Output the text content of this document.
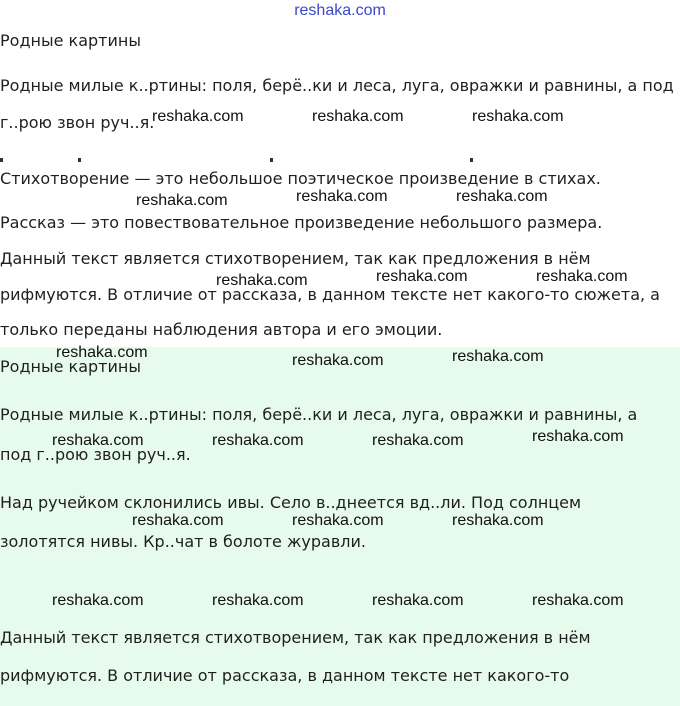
reshaka.com

Родные картины

Родные милые к..ртины: поля, берё..ки и леса, луга, овражки и равнины, а под

г..рою звон руч..я.

Стихотворение — это небольшое поэтическое произведение в стихах.

Рассказ — это повествовательное произведение небольшого размера.

Данный текст является стихотворением, так как предложения в нём

рифмуются. В отличие от рассказа, в данном тексте нет какого-то сюжета, а

только переданы наблюдения автора и его эмоции.

Родные картины

Родные милые к..ртины: поля, берё..ки и леса, луга, овражки и равнины, а

под г..рою звон руч..я.

Над ручейком склонились ивы. Село в..днеется вд..ли. Под солнцем

золотятся нивы. Кр..чат в болоте журавли.

Данный текст является стихотворением, так как предложения в нём

рифмуются. В отличие от рассказа, в данном тексте нет какого-то

reshaka.com	reshaka.com	reshaka.com
reshaka.com	reshaka.com	reshaka.com
reshaka.com	reshaka.com	reshaka.com
reshaka.com	reshaka.com	reshaka.com
reshaka.com	reshaka.com	reshaka.com	reshaka.com
reshaka.com	reshaka.com	reshaka.com
reshaka.com	reshaka.com	reshaka.com	reshaka.com
